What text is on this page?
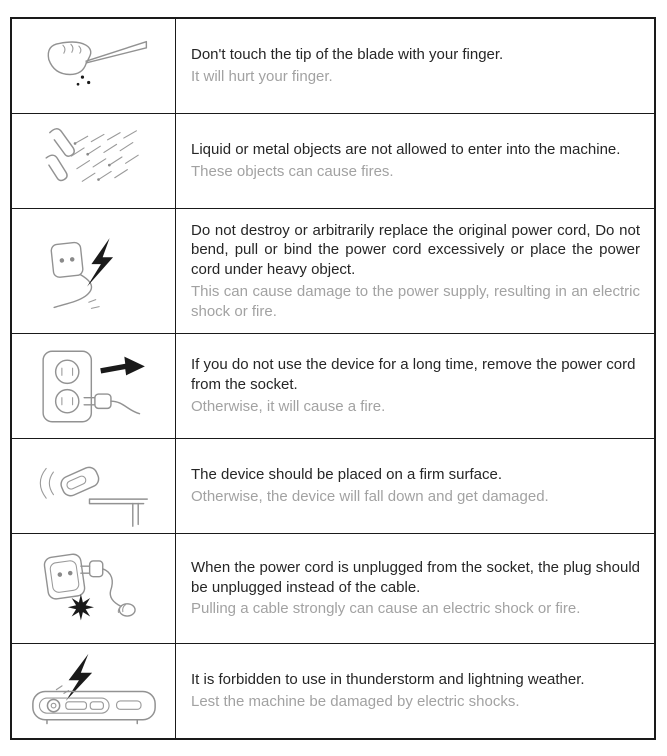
Don't touch the tip of the blade with your finger.

It will hurt your finger.

Liquid or metal objects are not allowed to enter into the machine.

These objects can cause fires.

Do not destroy or arbitrarily replace the original power cord, Do not bend, pull or bind the power cord excessively or place the power cord under heavy object.

This can cause damage to the power supply, resulting in an electric shock or fire.

If you do not use the device for a long time, remove the power cord from the socket.

Otherwise, it will cause a fire.

The device should be placed on a firm surface.

Otherwise, the device will fall down and get damaged.

When the power cord is unplugged from the socket, the plug should be unplugged instead of the cable.

Pulling a cable strongly can cause an electric shock or fire.

It is forbidden to use in thunderstorm and lightning weather.

Lest the machine be damaged by electric shocks.
